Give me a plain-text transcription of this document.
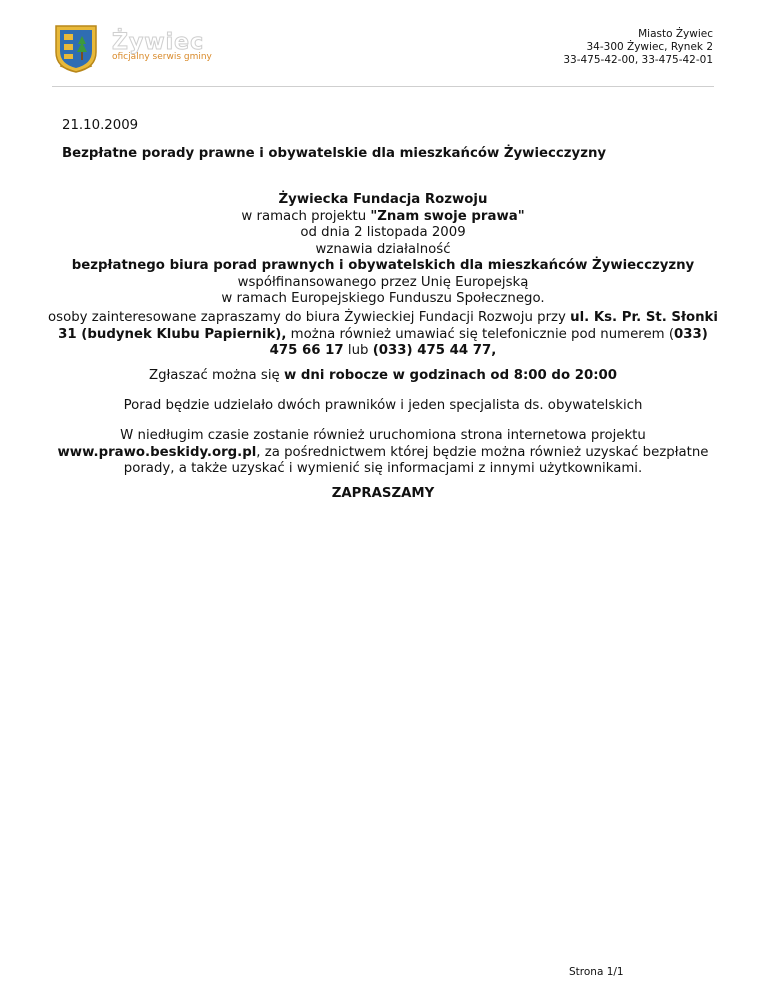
Żywiec
oficjalny serwis gminy
Miasto Żywiec
34-300 Żywiec, Rynek 2
33-475-42-00, 33-475-42-01
21.10.2009
Bezpłatne porady prawne i obywatelskie dla mieszkańców Żywiecczyzny
Żywiecka Fundacja Rozwoju
w ramach projektu "Znam swoje prawa"
od dnia 2 listopada 2009
wznawia działalność
bezpłatnego biura porad prawnych i obywatelskich dla mieszkańców Żywiecczyzny
współfinansowanego przez Unię Europejską
w ramach Europejskiego Funduszu Społecznego.
osoby zainteresowane zapraszamy do biura Żywieckiej Fundacji Rozwoju przy ul. Ks. Pr. St. Słonki
31 (budynek Klubu Papiernik), można również umawiać się telefonicznie pod numerem (033)
475 66 17 lub (033) 475 44 77,
Zgłaszać można się w dni robocze w godzinach od 8:00 do 20:00
Porad będzie udzielało dwóch prawników i jeden specjalista ds. obywatelskich
W niedługim czasie zostanie również uruchomiona strona internetowa projektu
www.prawo.beskidy.org.pl, za pośrednictwem której będzie można również uzyskać bezpłatne
porady, a także uzyskać i wymienić się informacjami z innymi użytkownikami.
ZAPRASZAMY
Strona 1/1
